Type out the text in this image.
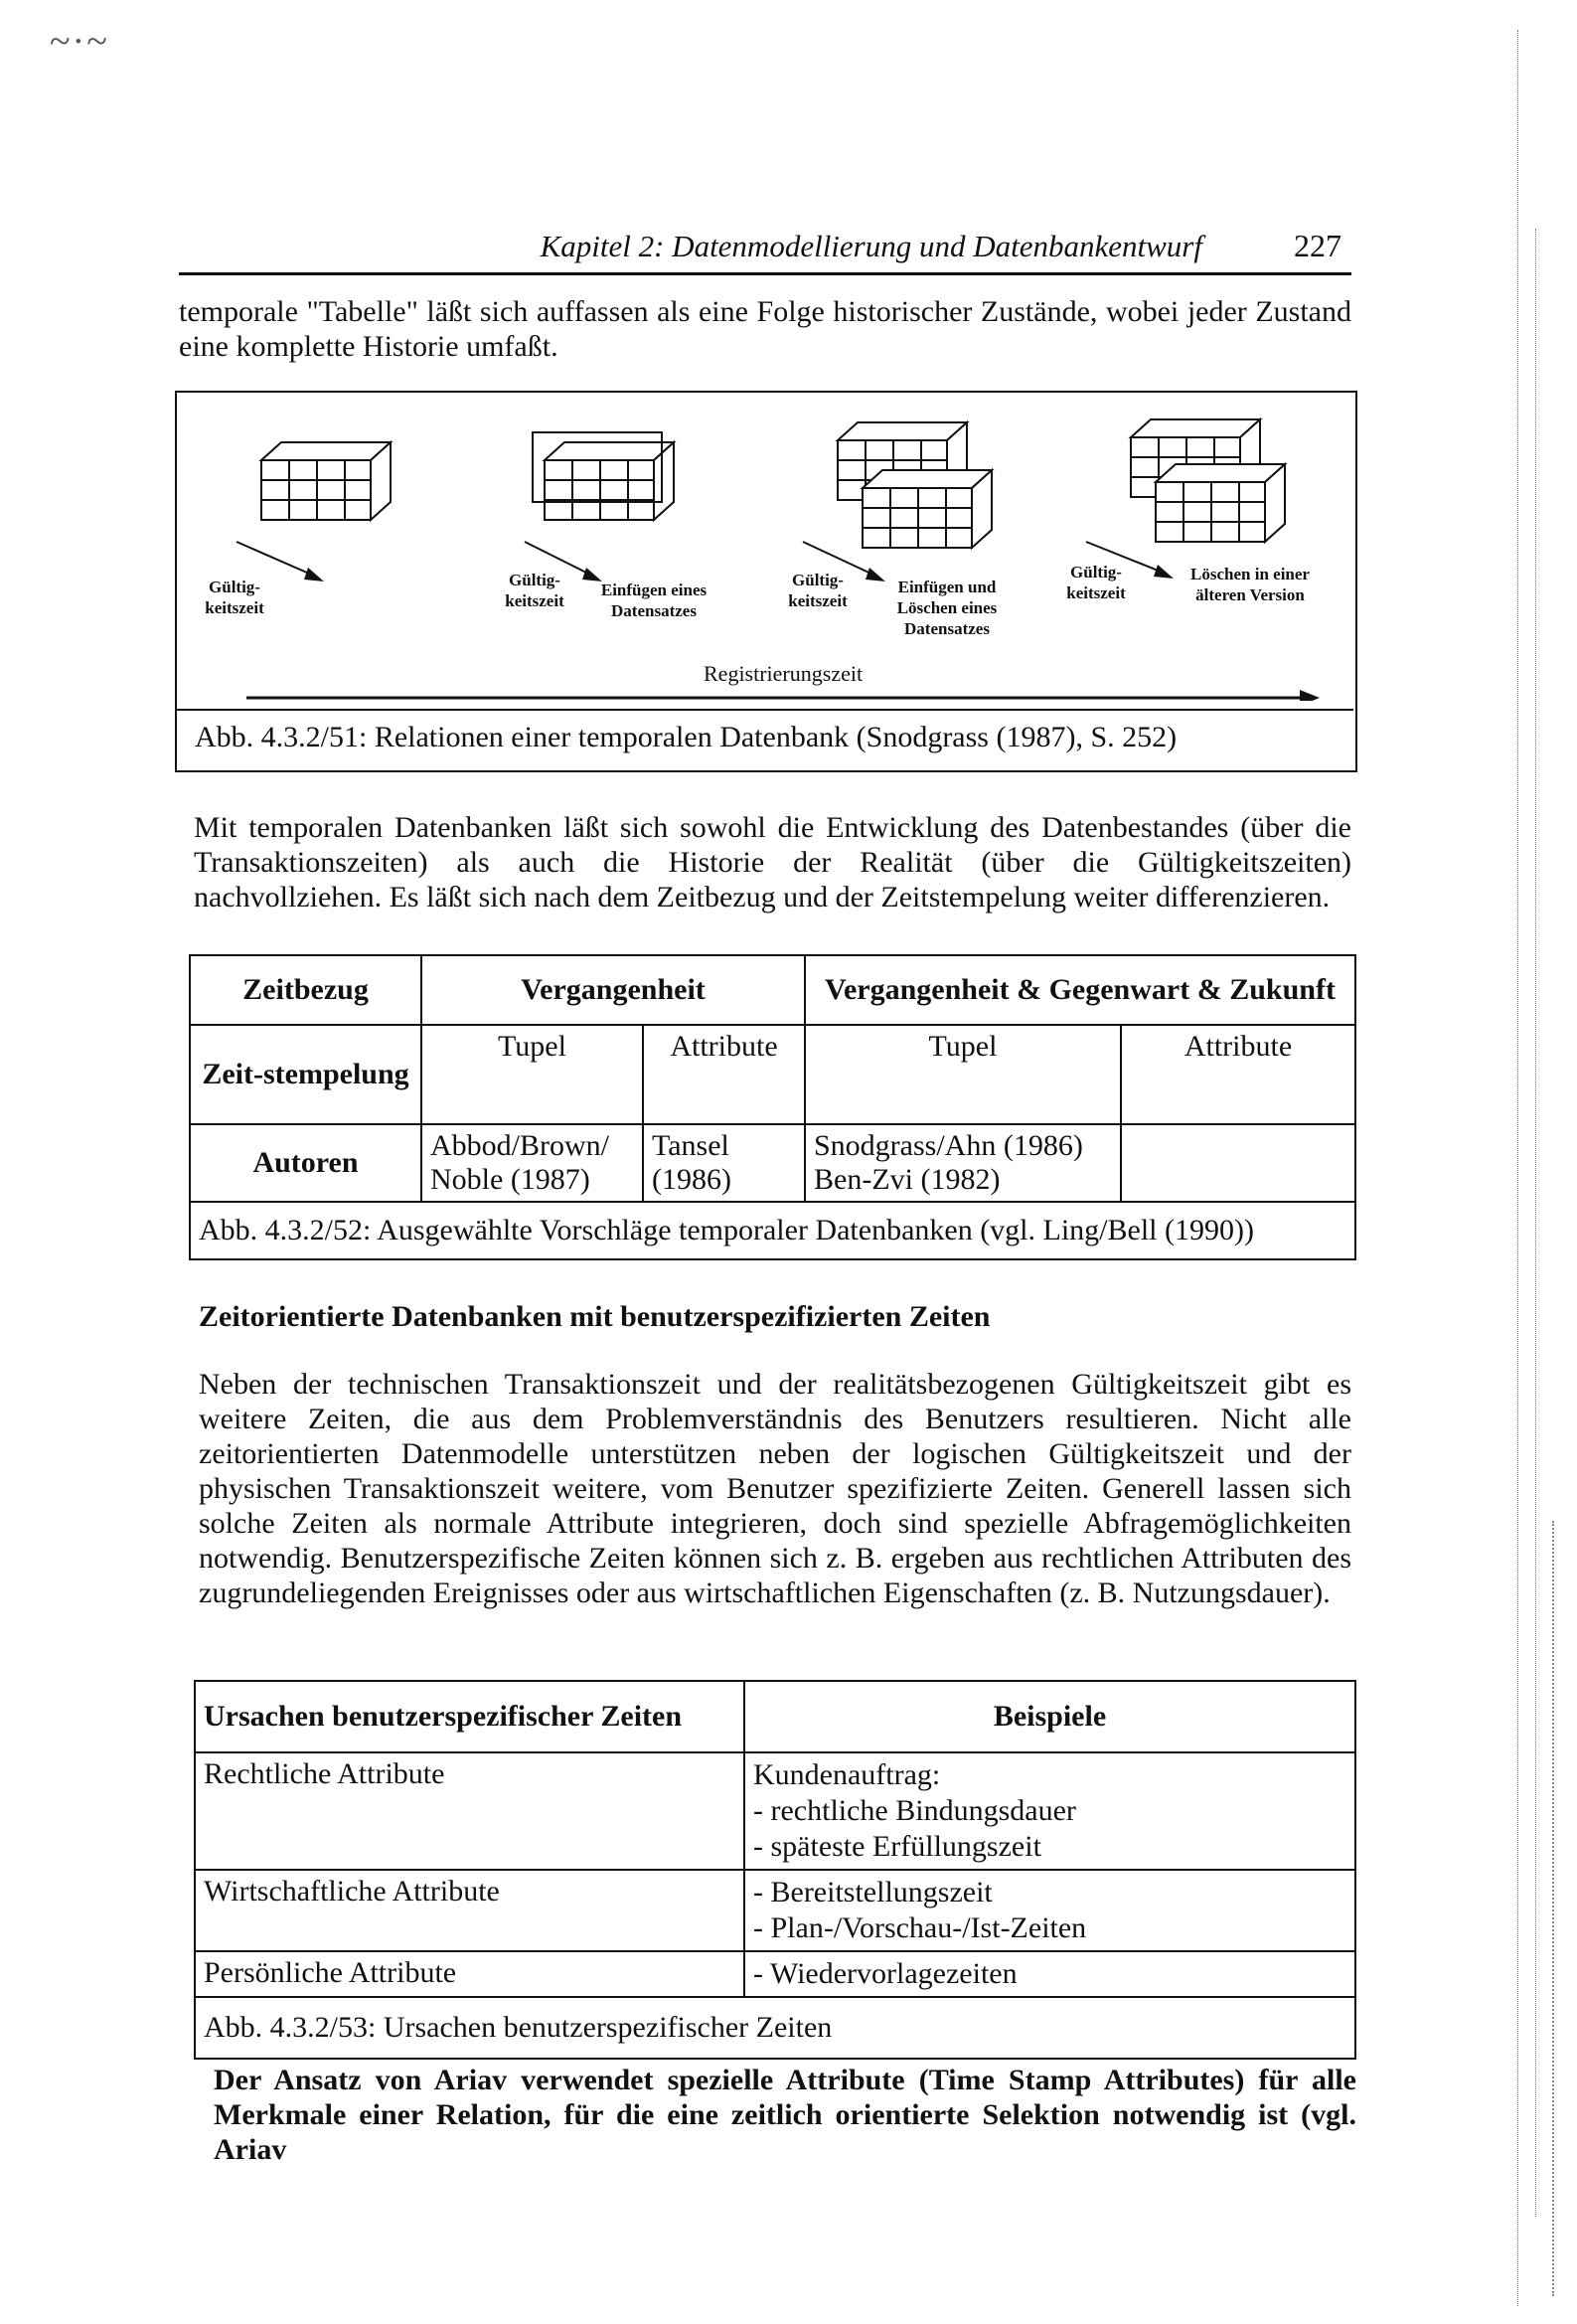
~·~
Kapitel 2: Datenmodellierung und Datenbankentwurf	227
temporale "Tabelle" läßt sich auffassen als eine Folge historischer Zustände, wobei jeder Zustand eine komplette Historie umfaßt.
Gültig-keitszeit
Gültig-keitszeit
Einfügen eines Datensatzes
Gültig-keitszeit
Einfügen und Löschen eines Datensatzes
Gültig-keitszeit
Löschen in einer älteren Version
Registrierungszeit
Abb. 4.3.2/51: Relationen einer temporalen Datenbank (Snodgrass (1987), S. 252)
Mit temporalen Datenbanken läßt sich sowohl die Entwicklung des Datenbestandes (über die Transaktionszeiten) als auch die Historie der Realität (über die Gültigkeitszeiten) nachvollziehen. Es läßt sich nach dem Zeitbezug und der Zeitstempelung weiter differenzieren.
Zeitbezug	Vergangenheit		Vergangenheit & Gegenwart & Zukunft	
Zeit-stempelung	Tupel	Attribute	Tupel	Attribute
Autoren	Abbod/Brown/ Noble (1987)	Tansel (1986)	Snodgrass/Ahn (1986) Ben-Zvi (1982)	
Abb. 4.3.2/52: Ausgewählte Vorschläge temporaler Datenbanken (vgl. Ling/Bell (1990))				
Zeitorientierte Datenbanken mit benutzerspezifizierten Zeiten
Neben der technischen Transaktionszeit und der realitätsbezogenen Gültigkeitszeit gibt es weitere Zeiten, die aus dem Problemverständnis des Benutzers resultieren. Nicht alle zeitorientierten Datenmodelle unterstützen neben der logischen Gültigkeitszeit und der physischen Transaktionszeit weitere, vom Benutzer spezifizierte Zeiten. Generell lassen sich solche Zeiten als normale Attribute integrieren, doch sind spezielle Abfragemöglichkeiten notwendig. Benutzerspezifische Zeiten können sich z. B. ergeben aus rechtlichen Attributen des zugrundeliegenden Ereignisses oder aus wirtschaftlichen Eigenschaften (z. B. Nutzungsdauer).
Ursachen benutzerspezifischer Zeiten	Beispiele
Rechtliche Attribute	Kundenauftrag:
- rechtliche Bindungsdauer
- späteste Erfüllungszeit

Wirtschaftliche Attribute	- Bereitstellungszeit
- Plan-/Vorschau-/Ist-Zeiten

Persönliche Attribute	- Wiedervorlagezeiten

Abb. 4.3.2/53: Ursachen benutzerspezifischer Zeiten	
Der Ansatz von Ariav verwendet spezielle Attribute (Time Stamp Attributes) für alle Merkmale einer Relation, für die eine zeitlich orientierte Selektion notwendig ist (vgl. Ariav
